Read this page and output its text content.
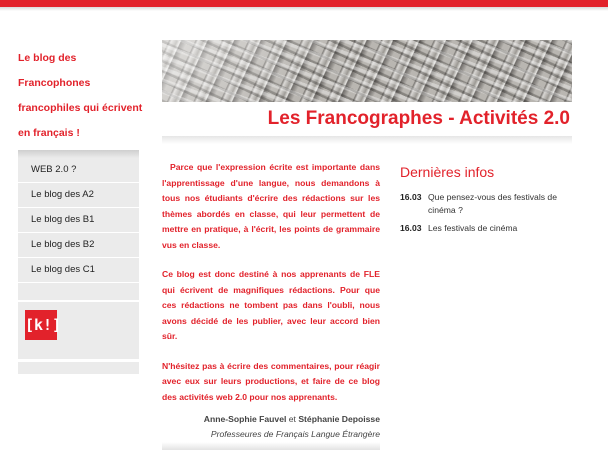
Le blog des Francophones francophiles qui écrivent en français !
Les Francographes - Activités 2.0
WEB 2.0 ?
Le blog des A2
Le blog des B1
Le blog des B2
Le blog des C1
[k!]

Parce que l'expression écrite est importante dans l'apprentissage d'une langue, nous demandons à tous nos étudiants d'écrire des rédactions sur les thèmes abordés en classe, qui leur permettent de mettre en pratique, à l'écrit, les points de grammaire vus en classe.

Ce blog est donc destiné à nos apprenants de FLE qui écrivent de magnifiques rédactions. Pour que ces rédactions ne tombent pas dans l'oubli, nous avons décidé de les publier, avec leur accord bien sûr.

N'hésitez pas à écrire des commentaires, pour réagir avec eux sur leurs productions, et faire de ce blog des activités web 2.0 pour nos apprenants.

Anne-Sophie Fauvel et Stéphanie Depoisse
Professeures de Français Langue Étrangère
Dernières infos
16.03 Que pensez-vous des festivals de cinéma ?
16.03 Les festivals de cinéma
